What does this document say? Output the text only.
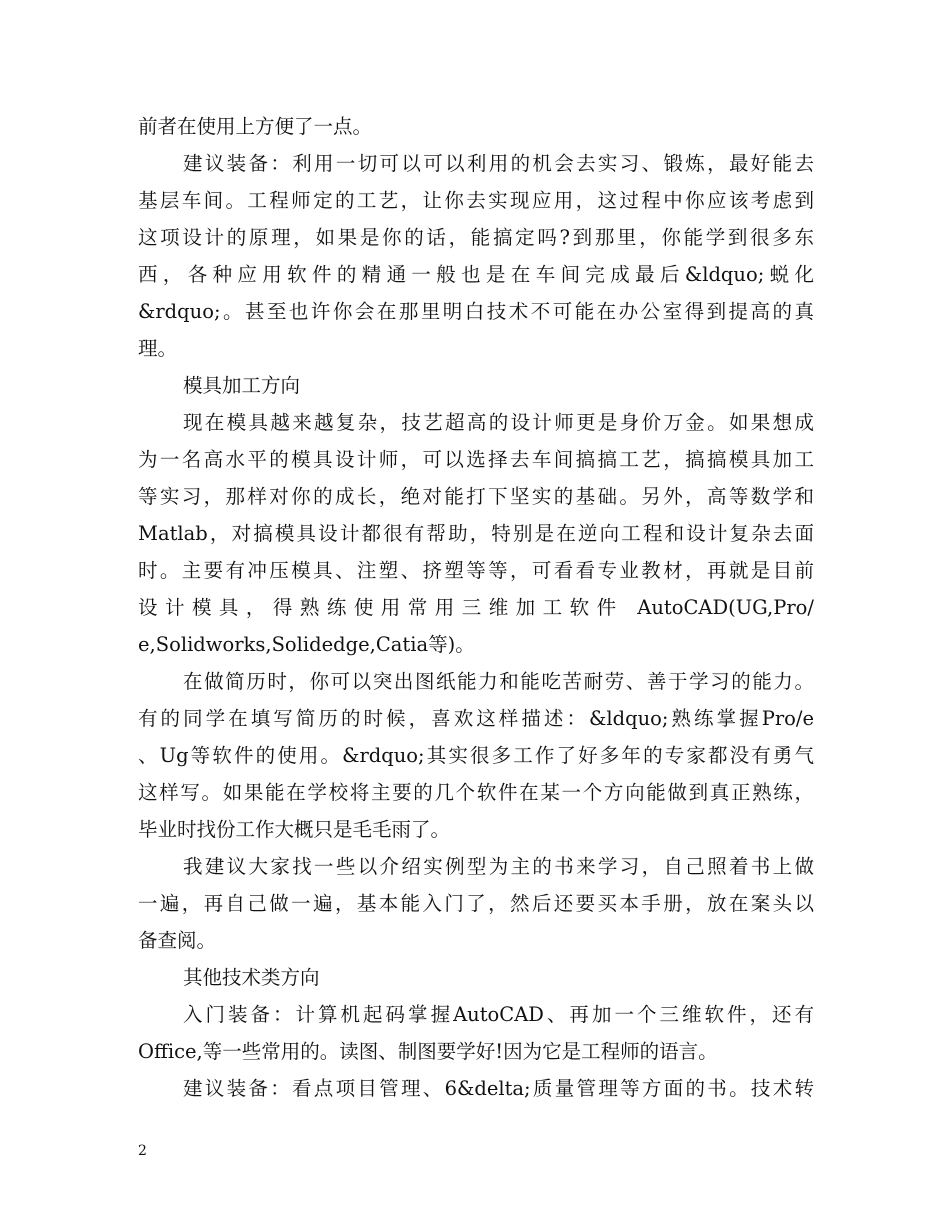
前者在使用上方便了一点。
建议装备：利用一切可以可以利用的机会去实习、锻炼，最好能去
基层车间。工程师定的工艺，让你去实现应用，这过程中你应该考虑到
这项设计的原理，如果是你的话，能搞定吗?到那里，你能学到很多东
西，各种应用软件的精通一般也是在车间完成最后&ldquo;蜕化
&rdquo;。甚至也许你会在那里明白技术不可能在办公室得到提高的真
理。
模具加工方向
现在模具越来越复杂，技艺超高的设计师更是身价万金。如果想成
为一名高水平的模具设计师，可以选择去车间搞搞工艺，搞搞模具加工
等实习，那样对你的成长，绝对能打下坚实的基础。另外，高等数学和
Matlab，对搞模具设计都很有帮助，特别是在逆向工程和设计复杂去面
时。主要有冲压模具、注塑、挤塑等等，可看看专业教材，再就是目前
设计模具，得熟练使用常用三维加工软件 AutoCAD(UG,Pro/
e,Solidworks,Solidedge,Catia等)。
在做简历时，你可以突出图纸能力和能吃苦耐劳、善于学习的能力。
有的同学在填写简历的时候，喜欢这样描述：&ldquo;熟练掌握Pro/e
、Ug等软件的使用。&rdquo;其实很多工作了好多年的专家都没有勇气
这样写。如果能在学校将主要的几个软件在某一个方向能做到真正熟练，
毕业时找份工作大概只是毛毛雨了。
我建议大家找一些以介绍实例型为主的书来学习，自己照着书上做
一遍，再自己做一遍，基本能入门了，然后还要买本手册，放在案头以
备查阅。
其他技术类方向
入门装备：计算机起码掌握AutoCAD、再加一个三维软件，还有
Office,等一些常用的。读图、制图要学好!因为它是工程师的语言。
建议装备：看点项目管理、6&delta;质量管理等方面的书。技术转
2
